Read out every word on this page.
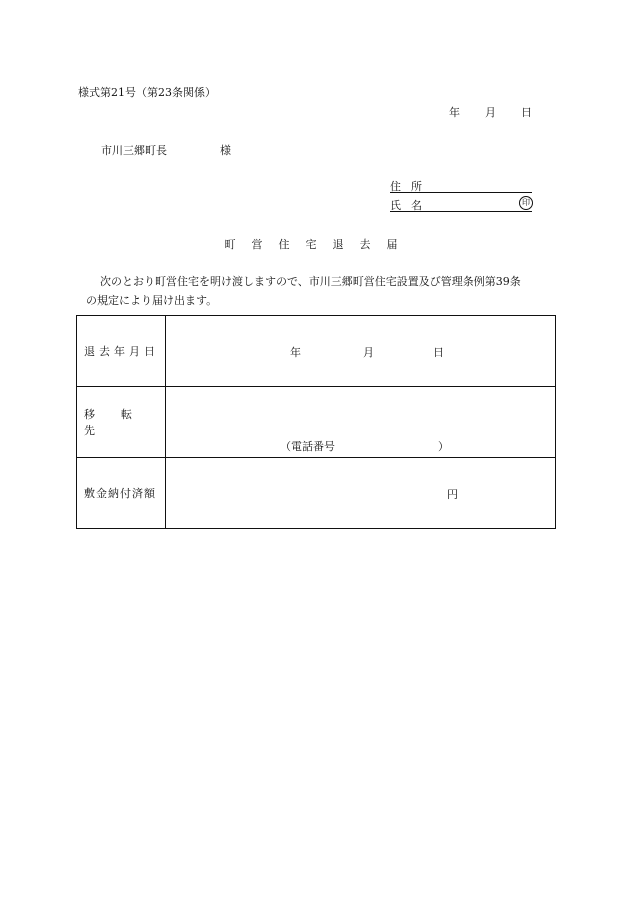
様式第21号（第23条関係）
年 月 日
市川三郷町長	様
住所
氏名	印
町営住宅退去届
次のとおり町営住宅を明け渡しますので、市川三郷町営住宅設置及び管理条例第39条
の規定により届け出ます。
退去年月日	年 月 日

移転先	（電話番号 ）

敷金納付済額	円
